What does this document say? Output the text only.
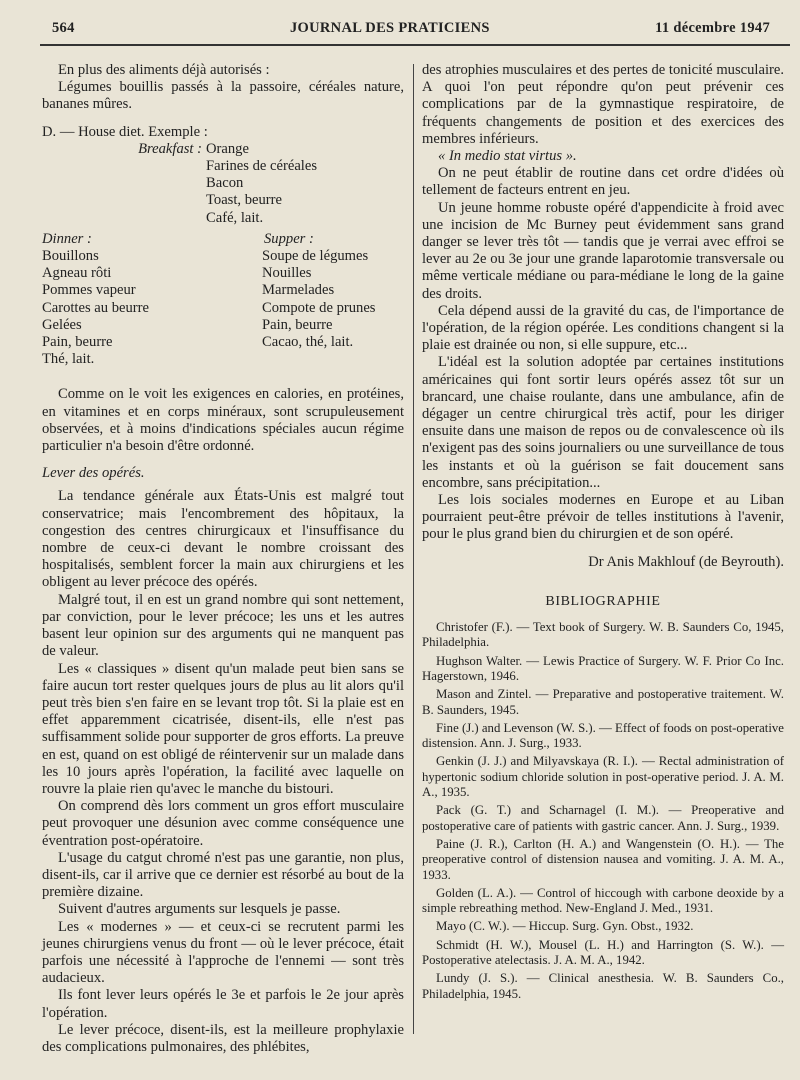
564	JOURNAL DES PRATICIENS	11 décembre 1947

En plus des aliments déjà autorisés :

Légumes bouillis passés à la passoire, céréales nature, bananes mûres.

D. — House diet. Exemple :

Breakfast : Orange
Farines de céréales
Bacon
Toast, beurre
Café, lait.
Dinner :
Bouillons
Agneau rôti
Pommes vapeur
Carottes au beurre
Gelées
Pain, beurre
Thé, lait.
Supper :
Soupe de légumes
Nouilles
Marmelades
Compote de prunes
Pain, beurre
Cacao, thé, lait.

Comme on le voit les exigences en calories, en protéines, en vitamines et en corps minéraux, sont scrupuleusement observées, et à moins d'indications spéciales aucun régime particulier n'a besoin d'être ordonné.

Lever des opérés.

La tendance générale aux États-Unis est malgré tout conservatrice; mais l'encombrement des hôpitaux, la congestion des centres chirurgicaux et l'insuffisance du nombre de ceux-ci devant le nombre croissant des hospitalisés, semblent forcer la main aux chirurgiens et les obligent au lever précoce des opérés.

Malgré tout, il en est un grand nombre qui sont nettement, par conviction, pour le lever précoce; les uns et les autres basent leur opinion sur des arguments qui ne manquent pas de valeur.

Les « classiques » disent qu'un malade peut bien sans se faire aucun tort rester quelques jours de plus au lit alors qu'il peut très bien s'en faire en se levant trop tôt. Si la plaie est en effet apparemment cicatrisée, disent-ils, elle n'est pas suffisamment solide pour supporter de gros efforts. La preuve en est, quand on est obligé de réintervenir sur un malade dans les 10 jours après l'opération, la facilité avec laquelle on rouvre la plaie rien qu'avec le manche du bistouri.

On comprend dès lors comment un gros effort musculaire peut provoquer une désunion avec comme conséquence une éventration post-opératoire.

L'usage du catgut chromé n'est pas une garantie, non plus, disent-ils, car il arrive que ce dernier est résorbé au bout de la première dizaine.

Suivent d'autres arguments sur lesquels je passe.

Les « modernes » — et ceux-ci se recrutent parmi les jeunes chirurgiens venus du front — où le lever précoce, était parfois une nécessité à l'approche de l'ennemi — sont très audacieux.

Ils font lever leurs opérés le 3e et parfois le 2e jour après l'opération.

Le lever précoce, disent-ils, est la meilleure prophylaxie des complications pulmonaires, des phlébites,

des atrophies musculaires et des pertes de tonicité musculaire. A quoi l'on peut répondre qu'on peut prévenir ces complications par de la gymnastique respiratoire, de fréquents changements de position et des exercices des membres inférieurs.

« In medio stat virtus ».

On ne peut établir de routine dans cet ordre d'idées où tellement de facteurs entrent en jeu.

Un jeune homme robuste opéré d'appendicite à froid avec une incision de Mc Burney peut évidemment sans grand danger se lever très tôt — tandis que je verrai avec effroi se lever au 2e ou 3e jour une grande laparotomie transversale ou même verticale médiane ou para-médiane le long de la gaine des droits.

Cela dépend aussi de la gravité du cas, de l'importance de l'opération, de la région opérée. Les conditions changent si la plaie est drainée ou non, si elle suppure, etc...

L'idéal est la solution adoptée par certaines institutions américaines qui font sortir leurs opérés assez tôt sur un brancard, une chaise roulante, dans une ambulance, afin de dégager un centre chirurgical très actif, pour les diriger ensuite dans une maison de repos ou de convalescence où ils n'exigent pas des soins journaliers ou une surveillance de tous les instants et où la guérison se fait doucement sans encombre, sans précipitation...

Les lois sociales modernes en Europe et au Liban pourraient peut-être prévoir de telles institutions à l'avenir, pour le plus grand bien du chirurgien et de son opéré.

Dr Anis Makhlouf (de Beyrouth).

BIBLIOGRAPHIE

Christofer (F.). — Text book of Surgery. W. B. Saunders Co, 1945, Philadelphia.

Hughson Walter. — Lewis Practice of Surgery. W. F. Prior Co Inc. Hagerstown, 1946.

Mason and Zintel. — Preparative and postoperative traitement. W. B. Saunders, 1945.

Fine (J.) and Levenson (W. S.). — Effect of foods on post-operative distension. Ann. J. Surg., 1933.

Genkin (J. J.) and Milyavskaya (R. I.). — Rectal administration of hypertonic sodium chloride solution in post-operative period. J. A. M. A., 1935.

Pack (G. T.) and Scharnagel (I. M.). — Preoperative and postoperative care of patients with gastric cancer. Ann. J. Surg., 1939.

Paine (J. R.), Carlton (H. A.) and Wangenstein (O. H.). — The preoperative control of distension nausea and vomiting. J. A. M. A., 1933.

Golden (L. A.). — Control of hiccough with carbone deoxide by a simple rebreathing method. New-England J. Med., 1931.

Mayo (C. W.). — Hiccup. Surg. Gyn. Obst., 1932.

Schmidt (H. W.), Mousel (L. H.) and Harrington (S. W.). — Postoperative atelectasis. J. A. M. A., 1942.

Lundy (J. S.). — Clinical anesthesia. W. B. Saunders Co., Philadelphia, 1945.
